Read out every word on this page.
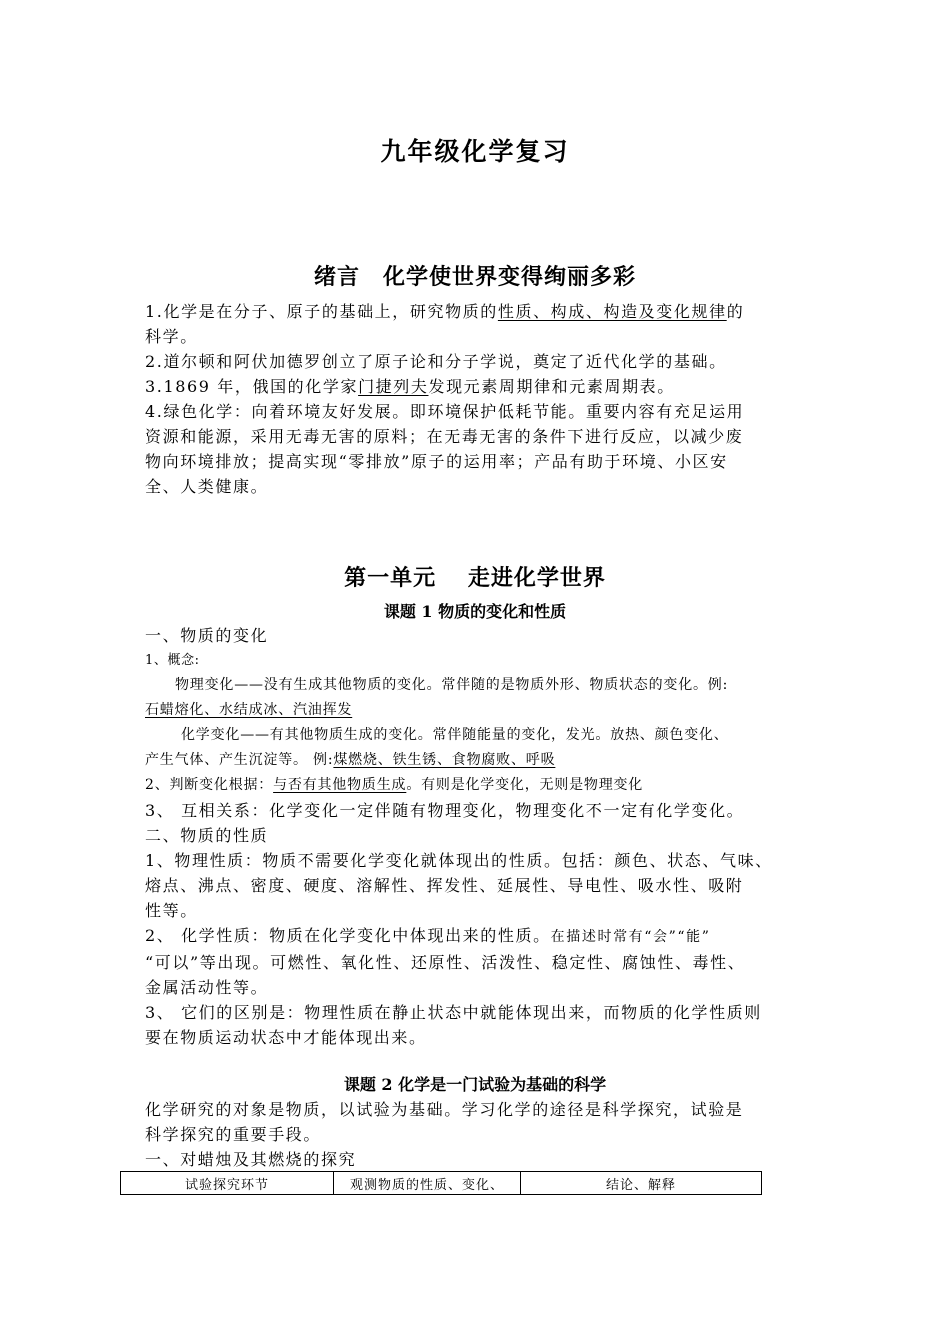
九年级化学复习
绪言　化学使世界变得绚丽多彩
1.化学是在分子、原子的基础上，研究物质的性质、构成、构造及变化规律的
科学。
2.道尔顿和阿伏加德罗创立了原子论和分子学说，奠定了近代化学的基础。
3.1869 年，俄国的化学家门捷列夫发现元素周期律和元素周期表。
4.绿色化学：向着环境友好发展。即环境保护低耗节能。重要内容有充足运用
资源和能源，采用无毒无害的原料；在无毒无害的条件下进行反应，以减少废
物向环境排放；提高实现“零排放”原子的运用率；产品有助于环境、小区安
全、人类健康。
第一单元　 走进化学世界
课题 1 物质的变化和性质
一、物质的变化
1、概念:
物理变化——没有生成其他物质的变化。常伴随的是物质外形、物质状态的变化。例:
石蜡熔化、水结成冰、汽油挥发
化学变化——有其他物质生成的变化。常伴随能量的变化，发光。放热、颜色变化、
产生气体、产生沉淀等。 例:煤燃烧、铁生锈、食物腐败、呼吸
2、判断变化根据：与否有其他物质生成。有则是化学变化，无则是物理变化
3、 互相关系：化学变化一定伴随有物理变化，物理变化不一定有化学变化。
二、物质的性质
1、物理性质：物质不需要化学变化就体现出的性质。包括：颜色、状态、气味、
熔点、沸点、密度、硬度、溶解性、挥发性、延展性、导电性、吸水性、吸附
性等。
2、 化学性质：物质在化学变化中体现出来的性质。在描述时常有“会”“能”
“可以”等出现。可燃性、氧化性、还原性、活泼性、稳定性、腐蚀性、毒性、
金属活动性等。
3、 它们的区别是：物理性质在静止状态中就能体现出来，而物质的化学性质则
要在物质运动状态中才能体现出来。
课题 2 化学是一门试验为基础的科学
化学研究的对象是物质，以试验为基础。学习化学的途径是科学探究，试验是
科学探究的重要手段。
一、对蜡烛及其燃烧的探究
试验探究环节	观测物质的性质、变化、	结论、解释
